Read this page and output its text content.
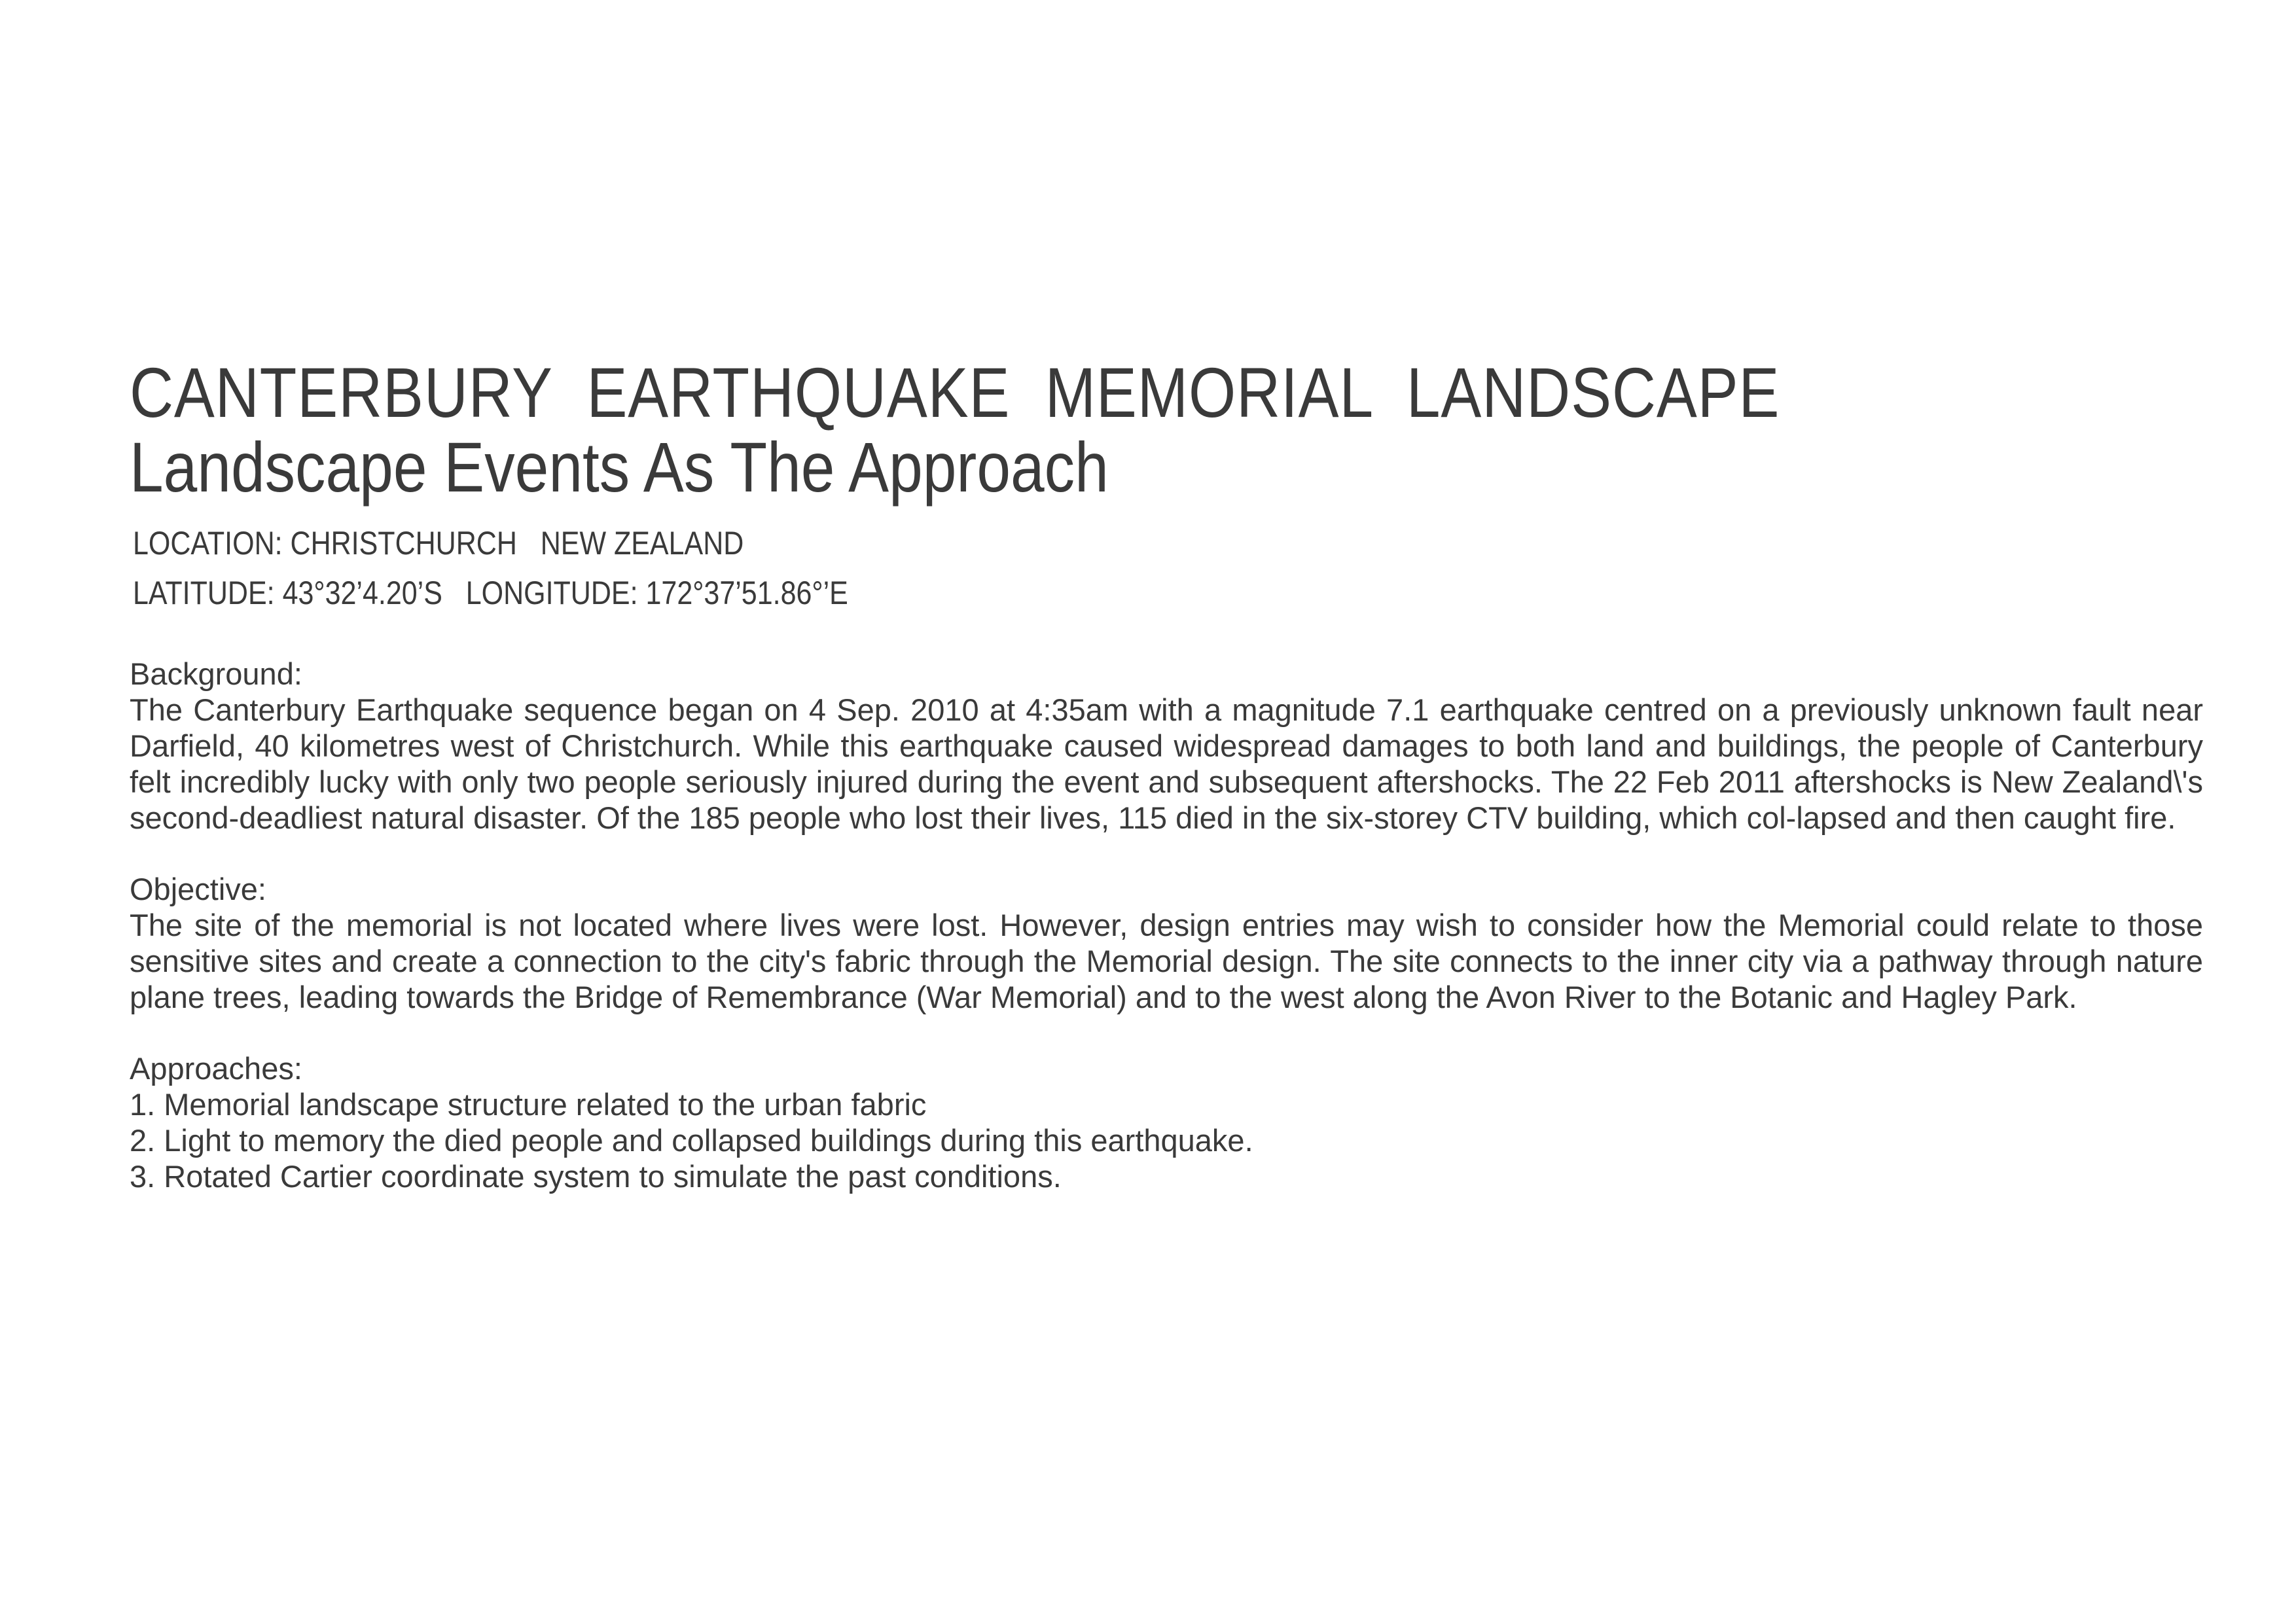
CANTERBURY  EARTHQUAKE  MEMORIAL  LANDSCAPE
Landscape Events As The Approach

LOCATION: CHRISTCHURCH   NEW ZEALAND

LATITUDE: 43°32’4.20’S   LONGITUDE: 172°37’51.86°’E

Background:

The Canterbury Earthquake sequence began on 4 Sep. 2010 at 4:35am with a magnitude 7.1 earthquake centred on a previously unknown fault near Darfield, 40 kilometres west of Christchurch. While this earthquake caused widespread damages to both land and buildings, the people of Canterbury felt incredibly lucky with only two people seriously injured during the event and subsequent aftershocks. The 22 Feb 2011 aftershocks is New Zealand\'s second-deadliest natural disaster. Of the 185 people who lost their lives, 115 died in the six-storey CTV building, which col-lapsed and then caught fire.

Objective:

The site of the memorial is not located where lives were lost. However, design entries may wish to consider how the Memorial could relate to those sensitive sites and create a connection to the city's fabric through the Memorial design. The site connects to the inner city via a pathway through nature plane trees, leading towards the Bridge of Remembrance (War Memorial) and to the west along the Avon River to the Botanic and Hagley Park.

Approaches:
1. Memorial landscape structure related to the urban fabric
2. Light to memory the died people and collapsed buildings during this earthquake.
3. Rotated Cartier coordinate system to simulate the past conditions.
